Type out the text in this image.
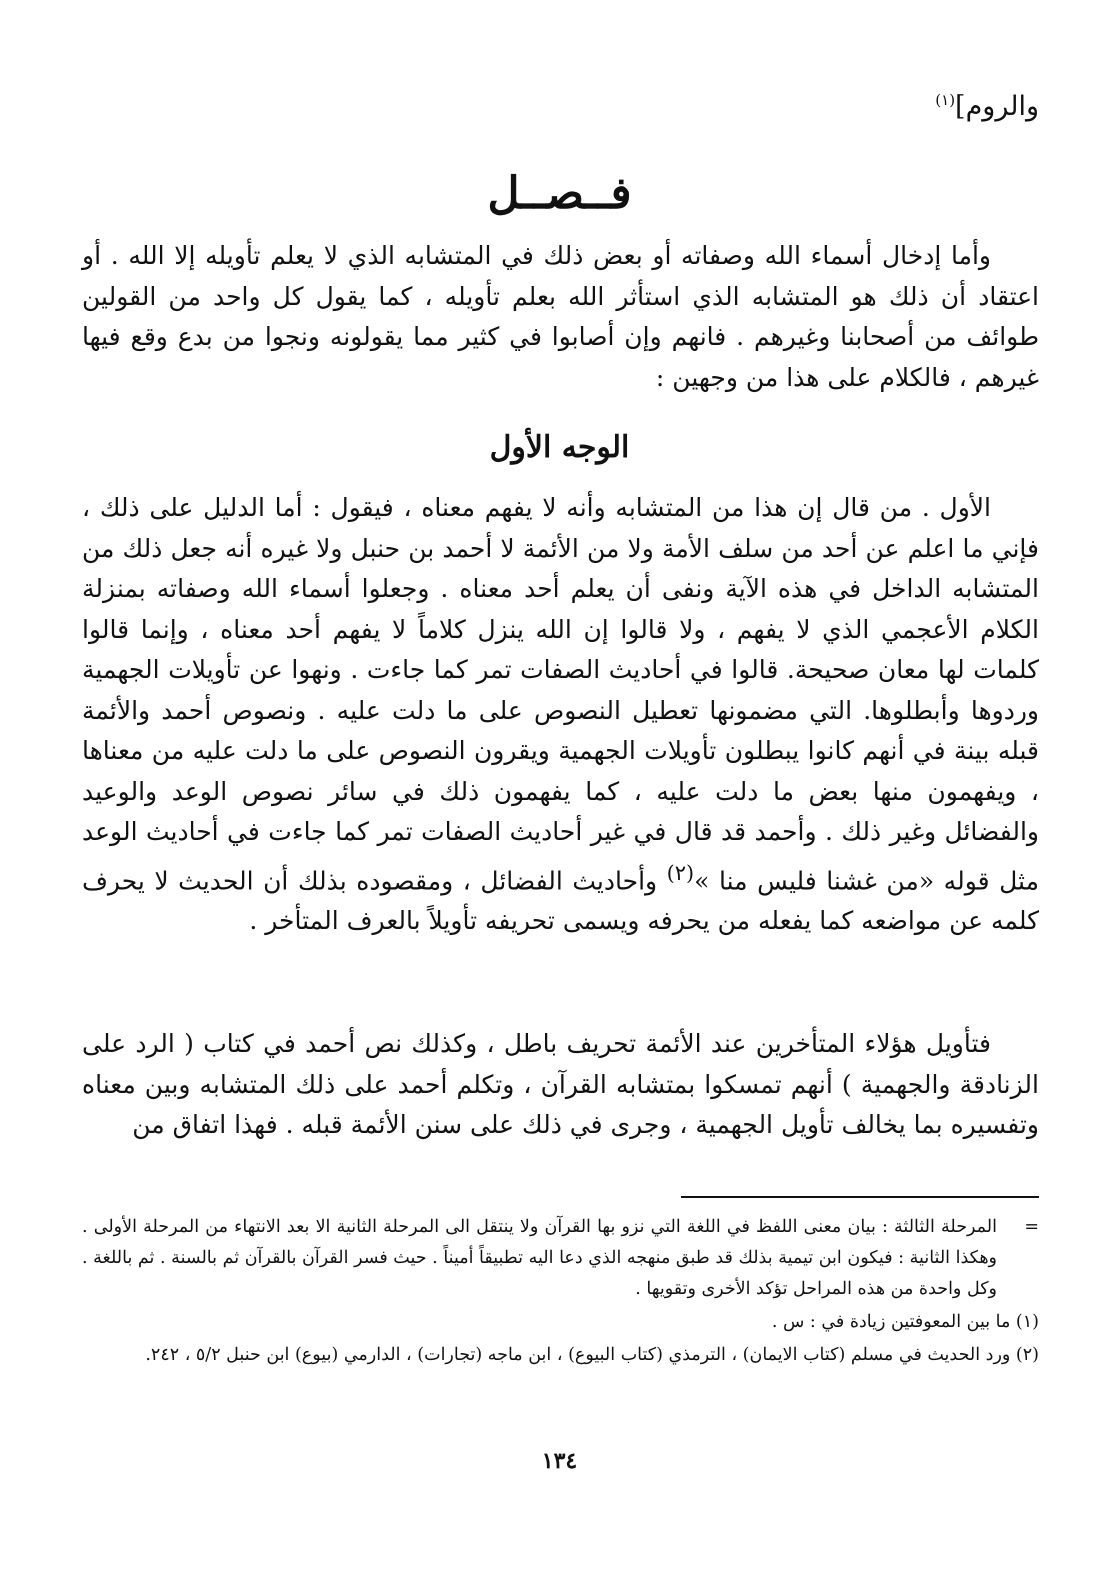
والروم]$^{(١)}$
فــصــل

وأما إدخال أسماء الله وصفاته أو بعض ذلك في المتشابه الذي لا يعلم تأويله إلا الله . أو اعتقاد أن ذلك هو المتشابه الذي استأثر الله بعلم تأويله ، كما يقول كل واحد من القولين طوائف من أصحابنا وغيرهم . فانهم وإن أصابوا في كثير مما يقولونه ونجوا من بدع وقع فيها غيرهم ، فالكلام على هذا من وجهين :

الوجه الأول

الأول . من قال إن هذا من المتشابه وأنه لا يفهم معناه ، فيقول : أما الدليل على ذلك ، فإني ما اعلم عن أحد من سلف الأمة ولا من الأئمة لا أحمد بن حنبل ولا غيره أنه جعل ذلك من المتشابه الداخل في هذه الآية ونفى أن يعلم أحد معناه . وجعلوا أسماء الله وصفاته بمنزلة الكلام الأعجمي الذي لا يفهم ، ولا قالوا إن الله ينزل كلاماً لا يفهم أحد معناه ، وإنما قالوا كلمات لها معان صحيحة. قالوا في أحاديث الصفات تمر كما جاءت . ونهوا عن تأويلات الجهمية وردوها وأبطلوها. التي مضمونها تعطيل النصوص على ما دلت عليه . ونصوص أحمد والأئمة قبله بينة في أنهم كانوا يبطلون تأويلات الجهمية ويقرون النصوص على ما دلت عليه من معناها ، ويفهمون منها بعض ما دلت عليه ، كما يفهمون ذلك في سائر نصوص الوعد والوعيد والفضائل وغير ذلك . وأحمد قد قال في غير أحاديث الصفات تمر كما جاءت في أحاديث الوعد مثل قوله «من غشنا فليس منا »$^{(٢)}$ وأحاديث الفضائل ، ومقصوده بذلك أن الحديث لا يحرف كلمه عن مواضعه كما يفعله من يحرفه ويسمى تحريفه تأويلاً بالعرف المتأخر .

فتأويل هؤلاء المتأخرين عند الأئمة تحريف باطل ، وكذلك نص أحمد في كتاب ( الرد على الزنادقة والجهمية ) أنهم تمسكوا بمتشابه القرآن ، وتكلم أحمد على ذلك المتشابه وبين معناه وتفسيره بما يخالف تأويل الجهمية ، وجرى في ذلك على سنن الأئمة قبله . فهذا اتفاق من

=
المرحلة الثالثة : بيان معنى اللفظ في اللغة التي نزو بها القرآن ولا ينتقل الى المرحلة الثانية الا بعد الانتهاء من المرحلة الأولى . وهكذا الثانية : فيكون ابن تيمية بذلك قد طبق منهجه الذي دعا اليه تطبيقاً أميناً . حيث فسر القرآن بالقرآن ثم بالسنة . ثم باللغة . وكل واحدة من هذه المراحل تؤكد الأخرى وتقويها .

(١) ما بين المعوفتين زيادة في : س .

(٢) ورد الحديث في مسلم (كتاب الايمان) ، الترمذي (كتاب البيوع) ، ابن ماجه (تجارات) ، الدارمي (بيوع) ابن حنبل ٥/٢ ، ٢٤٢.

١٣٤
